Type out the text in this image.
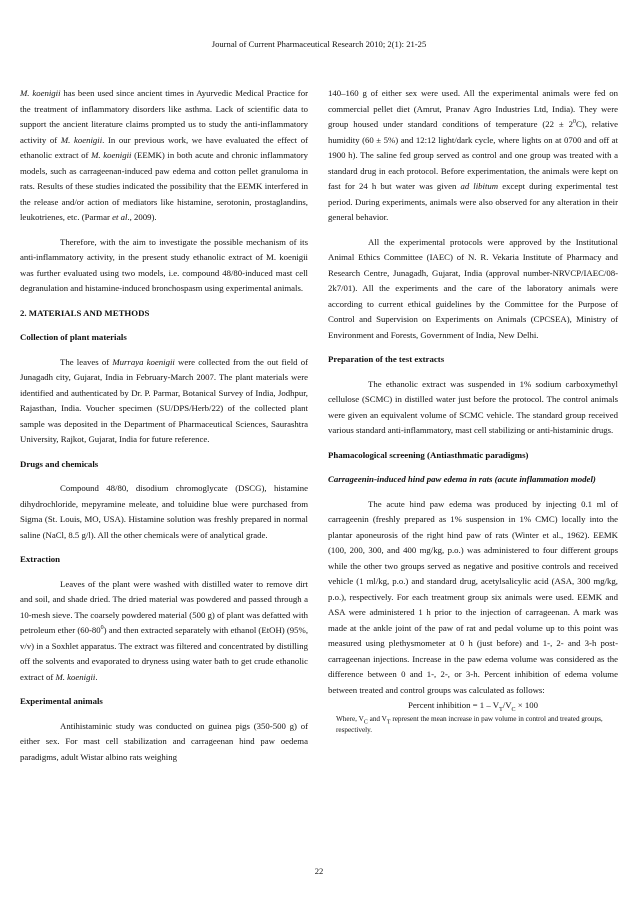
Journal of Current Pharmaceutical Research 2010; 2(1): 21-25

M. koenigii has been used since ancient times in Ayurvedic Medical Practice for the treatment of inflammatory disorders like asthma. Lack of scientific data to support the ancient literature claims prompted us to study the anti-inflammatory activity of M. koenigii. In our previous work, we have evaluated the effect of ethanolic extract of M. koenigii (EEMK) in both acute and chronic inflammatory models, such as carrageenan-induced paw edema and cotton pellet granuloma in rats. Results of these studies indicated the possibility that the EEMK interfered in the release and/or action of mediators like histamine, serotonin, prostaglandins, leukotrienes, etc. (Parmar et al., 2009).

Therefore, with the aim to investigate the possible mechanism of its anti-inflammatory activity, in the present study ethanolic extract of M. koenigii was further evaluated using two models, i.e. compound 48/80-induced mast cell degranulation and histamine-induced bronchospasm using experimental animals.

2. MATERIALS AND METHODS

Collection of plant materials

The leaves of Murraya koenigii were collected from the out field of Junagadh city, Gujarat, India in February-March 2007. The plant materials were identified and authenticated by Dr. P. Parmar, Botanical Survey of India, Jodhpur, Rajasthan, India. Voucher specimen (SU/DPS/Herb/22) of the collected plant sample was deposited in the Department of Pharmaceutical Sciences, Saurashtra University, Rajkot, Gujarat, India for future reference.

Drugs and chemicals

Compound 48/80, disodium chromoglycate (DSCG), histamine dihydrochloride, mepyramine meleate, and toluidine blue were purchased from Sigma (St. Louis, MO, USA). Histamine solution was freshly prepared in normal saline (NaCl, 8.5 g/l). All the other chemicals were of analytical grade.

Extraction

Leaves of the plant were washed with distilled water to remove dirt and soil, and shade dried. The dried material was powdered and passed through a 10-mesh sieve. The coarsely powdered material (500 g) of plant was defatted with petroleum ether $(60-80^0)$ and then extracted separately with ethanol (EtOH) (95%, v/v) in a Soxhlet apparatus. The extract was filtered and concentrated by distilling off the solvents and evaporated to dryness using water bath to get crude ethanolic extract of M. koenigii.

Experimental animals

Antihistaminic study was conducted on guinea pigs (350-500 g) of either sex. For mast cell stabilization and carrageenan hind paw oedema paradigms, adult Wistar albino rats weighing

140–160 g of either sex were used. All the experimental animals were fed on commercial pellet diet (Amrut, Pranav Agro Industries Ltd, India). They were group housed under standard conditions of temperature $(22 \pm 2^0C)$, relative humidity (60 ± 5%) and 12:12 light/dark cycle, where lights on at 0700 and off at 1900 h). The saline fed group served as control and one group was treated with a standard drug in each protocol. Before experimentation, the animals were kept on fast for 24 h but water was given ad libitum except during experimental test period. During experiments, animals were also observed for any alteration in their general behavior.

All the experimental protocols were approved by the Institutional Animal Ethics Committee (IAEC) of N. R. Vekaria Institute of Pharmacy and Research Centre, Junagadh, Gujarat, India (approval number-NRVCP/IAEC/08-2k7/01). All the experiments and the care of the laboratory animals were according to current ethical guidelines by the Committee for the Purpose of Control and Supervision on Experiments on Animals (CPCSEA), Ministry of Environment and Forests, Government of India, New Delhi.

Preparation of the test extracts

The ethanolic extract was suspended in 1% sodium carboxymethyl cellulose (SCMC) in distilled water just before the protocol. The control animals were given an equivalent volume of SCMC vehicle. The standard group received various standard anti-inflammatory, mast cell stabilizing or anti-histaminic drugs.

Phamacological screening (Antiasthmatic paradigms)

Carrageenin-induced hind paw edema in rats (acute inflammation model)

The acute hind paw edema was produced by injecting 0.1 ml of carrageenin (freshly prepared as 1% suspension in 1% CMC) locally into the plantar aponeurosis of the right hind paw of rats (Winter et al., 1962). EEMK (100, 200, 300, and 400 mg/kg, p.o.) was administered to four different groups while the other two groups served as negative and positive controls and received vehicle (1 ml/kg, p.o.) and standard drug, acetylsalicylic acid (ASA, 300 mg/kg, p.o.), respectively. For each treatment group six animals were used. EEMK and ASA were administered 1 h prior to the injection of carrageenan. A mark was made at the ankle joint of the paw of rat and pedal volume up to this point was measured using plethysmometer at 0 h (just before) and 1-, 2- and 3-h post-carrageenan injections. Increase in the paw edema volume was considered as the difference between 0 and 1-, 2-, or 3-h. Percent inhibition of edema volume between treated and control groups was calculated as follows:

Percent inhibition = $1 - V_T/V_C \times 100$

Where, $V_C$ and $V_T$ represent the mean increase in paw volume in control and treated groups, respectively.

22
